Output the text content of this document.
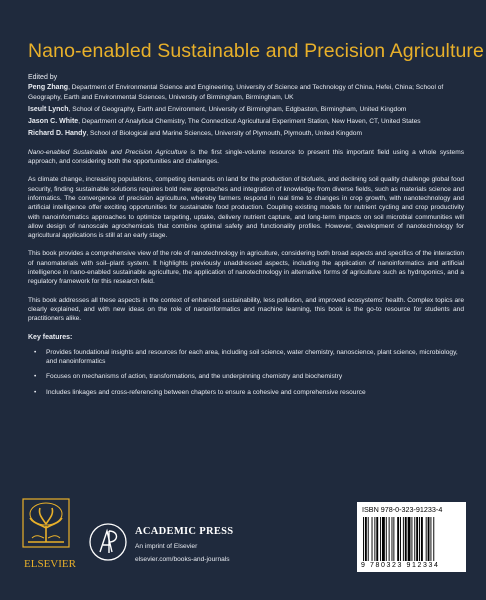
Nano-enabled Sustainable and Precision Agriculture
Edited by
Peng Zhang, Department of Environmental Science and Engineering, University of Science and Technology of China, Hefei, China; School of Geography, Earth and Environmental Sciences, University of Birmingham, Birmingham, UK
Iseult Lynch, School of Geography, Earth and Environment, University of Birmingham, Edgbaston, Birmingham, United Kingdom
Jason C. White, Department of Analytical Chemistry, The Connecticut Agricultural Experiment Station, New Haven, CT, United States
Richard D. Handy, School of Biological and Marine Sciences, University of Plymouth, Plymouth, United Kingdom

Nano-enabled Sustainable and Precision Agriculture is the first single-volume resource to present this important field using a whole systems approach, and considering both the opportunities and challenges.

As climate change, increasing populations, competing demands on land for the production of biofuels, and declining soil quality challenge global food security, finding sustainable solutions requires bold new approaches and integration of knowledge from diverse fields, such as materials science and informatics. The convergence of precision agriculture, whereby farmers respond in real time to changes in crop growth, with nanotechnology and artificial intelligence offer exciting opportunities for sustainable food production. Coupling existing models for nutrient cycling and crop productivity with nanoinformatics approaches to optimize targeting, uptake, delivery nutrient capture, and long-term impacts on soil microbial communities will allow design of nanoscale agrochemicals that combine optimal safety and functionality profiles. However, development of nanotechnology for agricultural applications is still at an early stage.

This book provides a comprehensive view of the role of nanotechnology in agriculture, considering both broad aspects and specifics of the interaction of nanomaterials with soil–plant system. It highlights previously unaddressed aspects, including the application of nanoinformatics and artificial intelligence in nano-enabled sustainable agriculture, the application of nanotechnology in alternative forms of agriculture such as hydroponics, and a regulatory framework for this research field.

This book addresses all these aspects in the context of enhanced sustainability, less pollution, and improved ecosystems' health. Complex topics are clearly explained, and with new ideas on the role of nanoinformatics and machine learning, this book is the go-to resource for students and practitioners alike.

Key features:
• Provides foundational insights and resources for each area, including soil science, water chemistry, nanoscience, plant science, microbiology, and nanoinformatics
• Focuses on mechanisms of action, transformations, and the underpinning chemistry and biochemistry
• Includes linkages and cross-referencing between chapters to ensure a cohesive and comprehensive resource
ELSEVIER
ACADEMIC PRESS
An imprint of Elsevier
elsevier.com/books-and-journals
ISBN 978-0-323-91233-4
9 780323 912334
